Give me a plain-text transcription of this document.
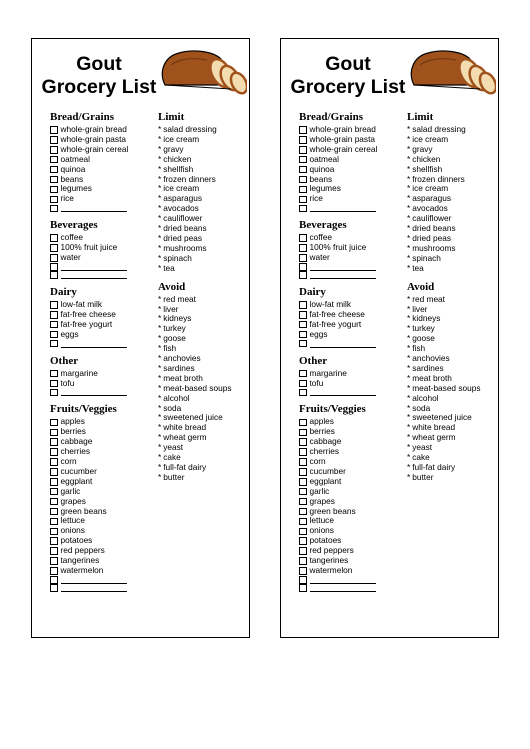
Gout
Grocery List
Bread/Grains
whole-grain bread
whole-grain pasta
whole-grain cereal
oatmeal
quinoa
beans
legumes
rice
Beverages
coffee
100% fruit juice
water
Dairy
low-fat milk
fat-free cheese
fat-free yogurt
eggs
Other
margarine
tofu
Fruits/Veggies
apples
berries
cabbage
cherries
corn
cucumber
eggplant
garlic
grapes
green beans
lettuce
onions
potatoes
red peppers
tangerines
watermelon
Limit
* salad dressing
* ice cream
* gravy
* chicken
* shellfish
* frozen dinners
* ice cream
* asparagus
* avocados
* cauliflower
* dried beans
* dried peas
* mushrooms
* spinach
* tea
Avoid
* red meat
* liver
* kidneys
* turkey
* goose
* fish
* anchovies
* sardines
* meat broth
* meat-based soups
* alcohol
* soda
* sweetened juice
* white bread
* wheat germ
* yeast
* cake
* full-fat dairy
* butter
Gout
Grocery List
Bread/Grains
whole-grain bread
whole-grain pasta
whole-grain cereal
oatmeal
quinoa
beans
legumes
rice
Beverages
coffee
100% fruit juice
water
Dairy
low-fat milk
fat-free cheese
fat-free yogurt
eggs
Other
margarine
tofu
Fruits/Veggies
apples
berries
cabbage
cherries
corn
cucumber
eggplant
garlic
grapes
green beans
lettuce
onions
potatoes
red peppers
tangerines
watermelon
Limit
* salad dressing
* ice cream
* gravy
* chicken
* shellfish
* frozen dinners
* ice cream
* asparagus
* avocados
* cauliflower
* dried beans
* dried peas
* mushrooms
* spinach
* tea
Avoid
* red meat
* liver
* kidneys
* turkey
* goose
* fish
* anchovies
* sardines
* meat broth
* meat-based soups
* alcohol
* soda
* sweetened juice
* white bread
* wheat germ
* yeast
* cake
* full-fat dairy
* butter
